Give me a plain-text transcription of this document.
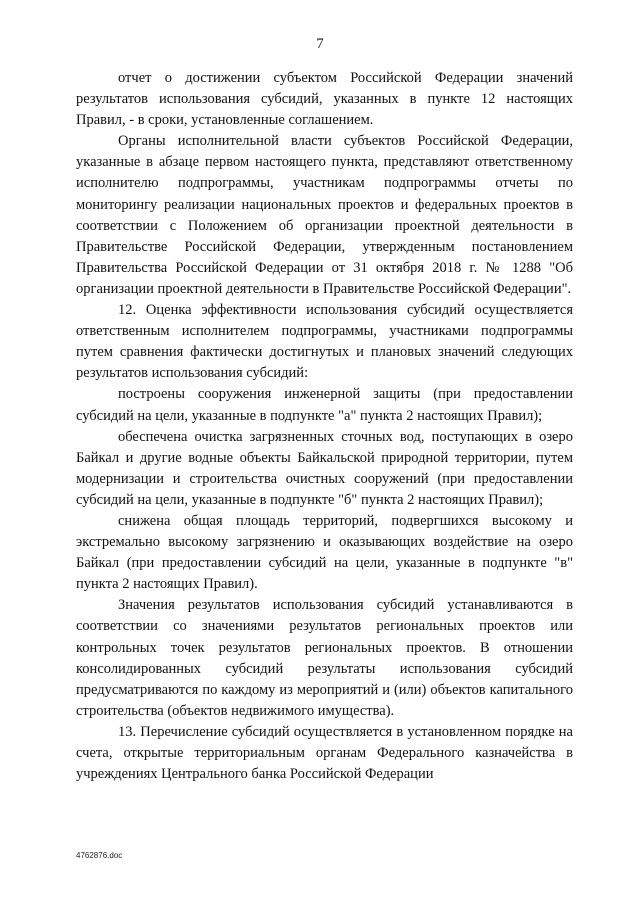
7

отчет о достижении субъектом Российской Федерации значений результатов использования субсидий, указанных в пункте 12 настоящих Правил, - в сроки, установленные соглашением.

Органы исполнительной власти субъектов Российской Федерации, указанные в абзаце первом настоящего пункта, представляют ответственному исполнителю подпрограммы, участникам подпрограммы отчеты по мониторингу реализации национальных проектов и федеральных проектов в соответствии с Положением об организации проектной деятельности в Правительстве Российской Федерации, утвержденным постановлением Правительства Российской Федерации от 31 октября 2018 г. № 1288 "Об организации проектной деятельности в Правительстве Российской Федерации".

12. Оценка эффективности использования субсидий осуществляется ответственным исполнителем подпрограммы, участниками подпрограммы путем сравнения фактически достигнутых и плановых значений следующих результатов использования субсидий:

построены сооружения инженерной защиты (при предоставлении субсидий на цели, указанные в подпункте "а" пункта 2 настоящих Правил);

обеспечена очистка загрязненных сточных вод, поступающих в озеро Байкал и другие водные объекты Байкальской природной территории, путем модернизации и строительства очистных сооружений (при предоставлении субсидий на цели, указанные в подпункте "б" пункта 2 настоящих Правил);

снижена общая площадь территорий, подвергшихся высокому и экстремально высокому загрязнению и оказывающих воздействие на озеро Байкал (при предоставлении субсидий на цели, указанные в подпункте "в" пункта 2 настоящих Правил).

Значения результатов использования субсидий устанавливаются в соответствии со значениями результатов региональных проектов или контрольных точек результатов региональных проектов. В отношении консолидированных субсидий результаты использования субсидий предусматриваются по каждому из мероприятий и (или) объектов капитального строительства (объектов недвижимого имущества).

13. Перечисление субсидий осуществляется в установленном порядке на счета, открытые территориальным органам Федерального казначейства в учреждениях Центрального банка Российской Федерации

4762876.doc
